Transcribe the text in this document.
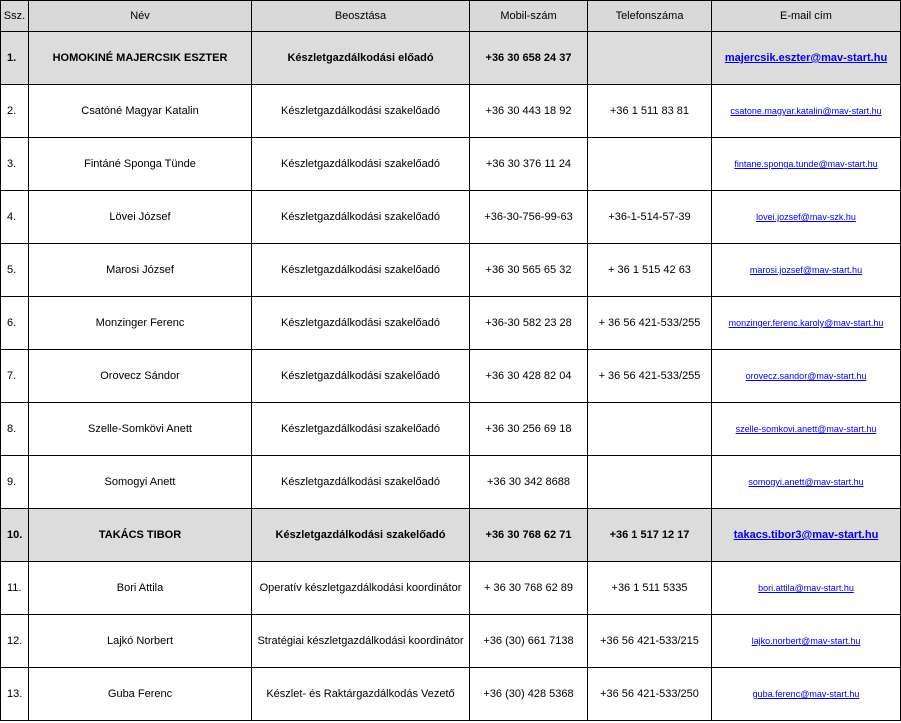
Ssz.	Név	Beosztása	Mobil-szám	Telefonszáma	E-mail cím
1.	HOMOKINÉ MAJERCSIK ESZTER	Készletgazdálkodási előadó	+36 30 658 24 37		majercsik.eszter@mav-start.hu
2.	Csatóné Magyar Katalin	Készletgazdálkodási szakelőadó	+36 30 443 18 92	+36 1 511 83 81	csatone.magyar.katalin@mav-start.hu
3.	Fintáné Sponga Tünde	Készletgazdálkodási szakelőadó	+36 30 376 11 24		fintane.sponga.tunde@mav-start.hu
4.	Lövei József	Készletgazdálkodási szakelőadó	+36-30-756-99-63	+36-1-514-57-39	lovei.jozsef@mav-szk.hu
5.	Marosi József	Készletgazdálkodási szakelőadó	+36 30 565 65 32	+ 36 1 515 42 63	marosi.jozsef@mav-start.hu
6.	Monzinger Ferenc	Készletgazdálkodási szakelőadó	+36-30 582 23 28	+ 36 56 421-533/255	monzinger.ferenc.karoly@mav-start.hu
7.	Orovecz Sándor	Készletgazdálkodási szakelőadó	+36 30 428 82 04	+ 36 56 421-533/255	orovecz.sandor@mav-start.hu
8.	Szelle-Somkövi Anett	Készletgazdálkodási szakelőadó	+36 30 256 69 18		szelle-somkovi.anett@mav-start.hu
9.	Somogyi Anett	Készletgazdálkodási szakelőadó	+36 30 342 8688		somogyi.anett@mav-start.hu
10.	TAKÁCS TIBOR	Készletgazdálkodási szakelőadó	+36 30 768 62 71	+36 1 517 12 17	takacs.tibor3@mav-start.hu
11.	Bori Attila	Operatív készletgazdálkodási koordinátor	+ 36 30 768 62 89	+36 1 511 5335	bori.attila@mav-start.hu
12.	Lajkó Norbert	Stratégiai készletgazdálkodási koordinátor	+36 (30) 661 7138	+36 56 421-533/215	lajko.norbert@mav-start.hu
13.	Guba Ferenc	Készlet- és Raktárgazdálkodás Vezető	+36 (30) 428 5368	+36 56 421-533/250	guba.ferenc@mav-start.hu
